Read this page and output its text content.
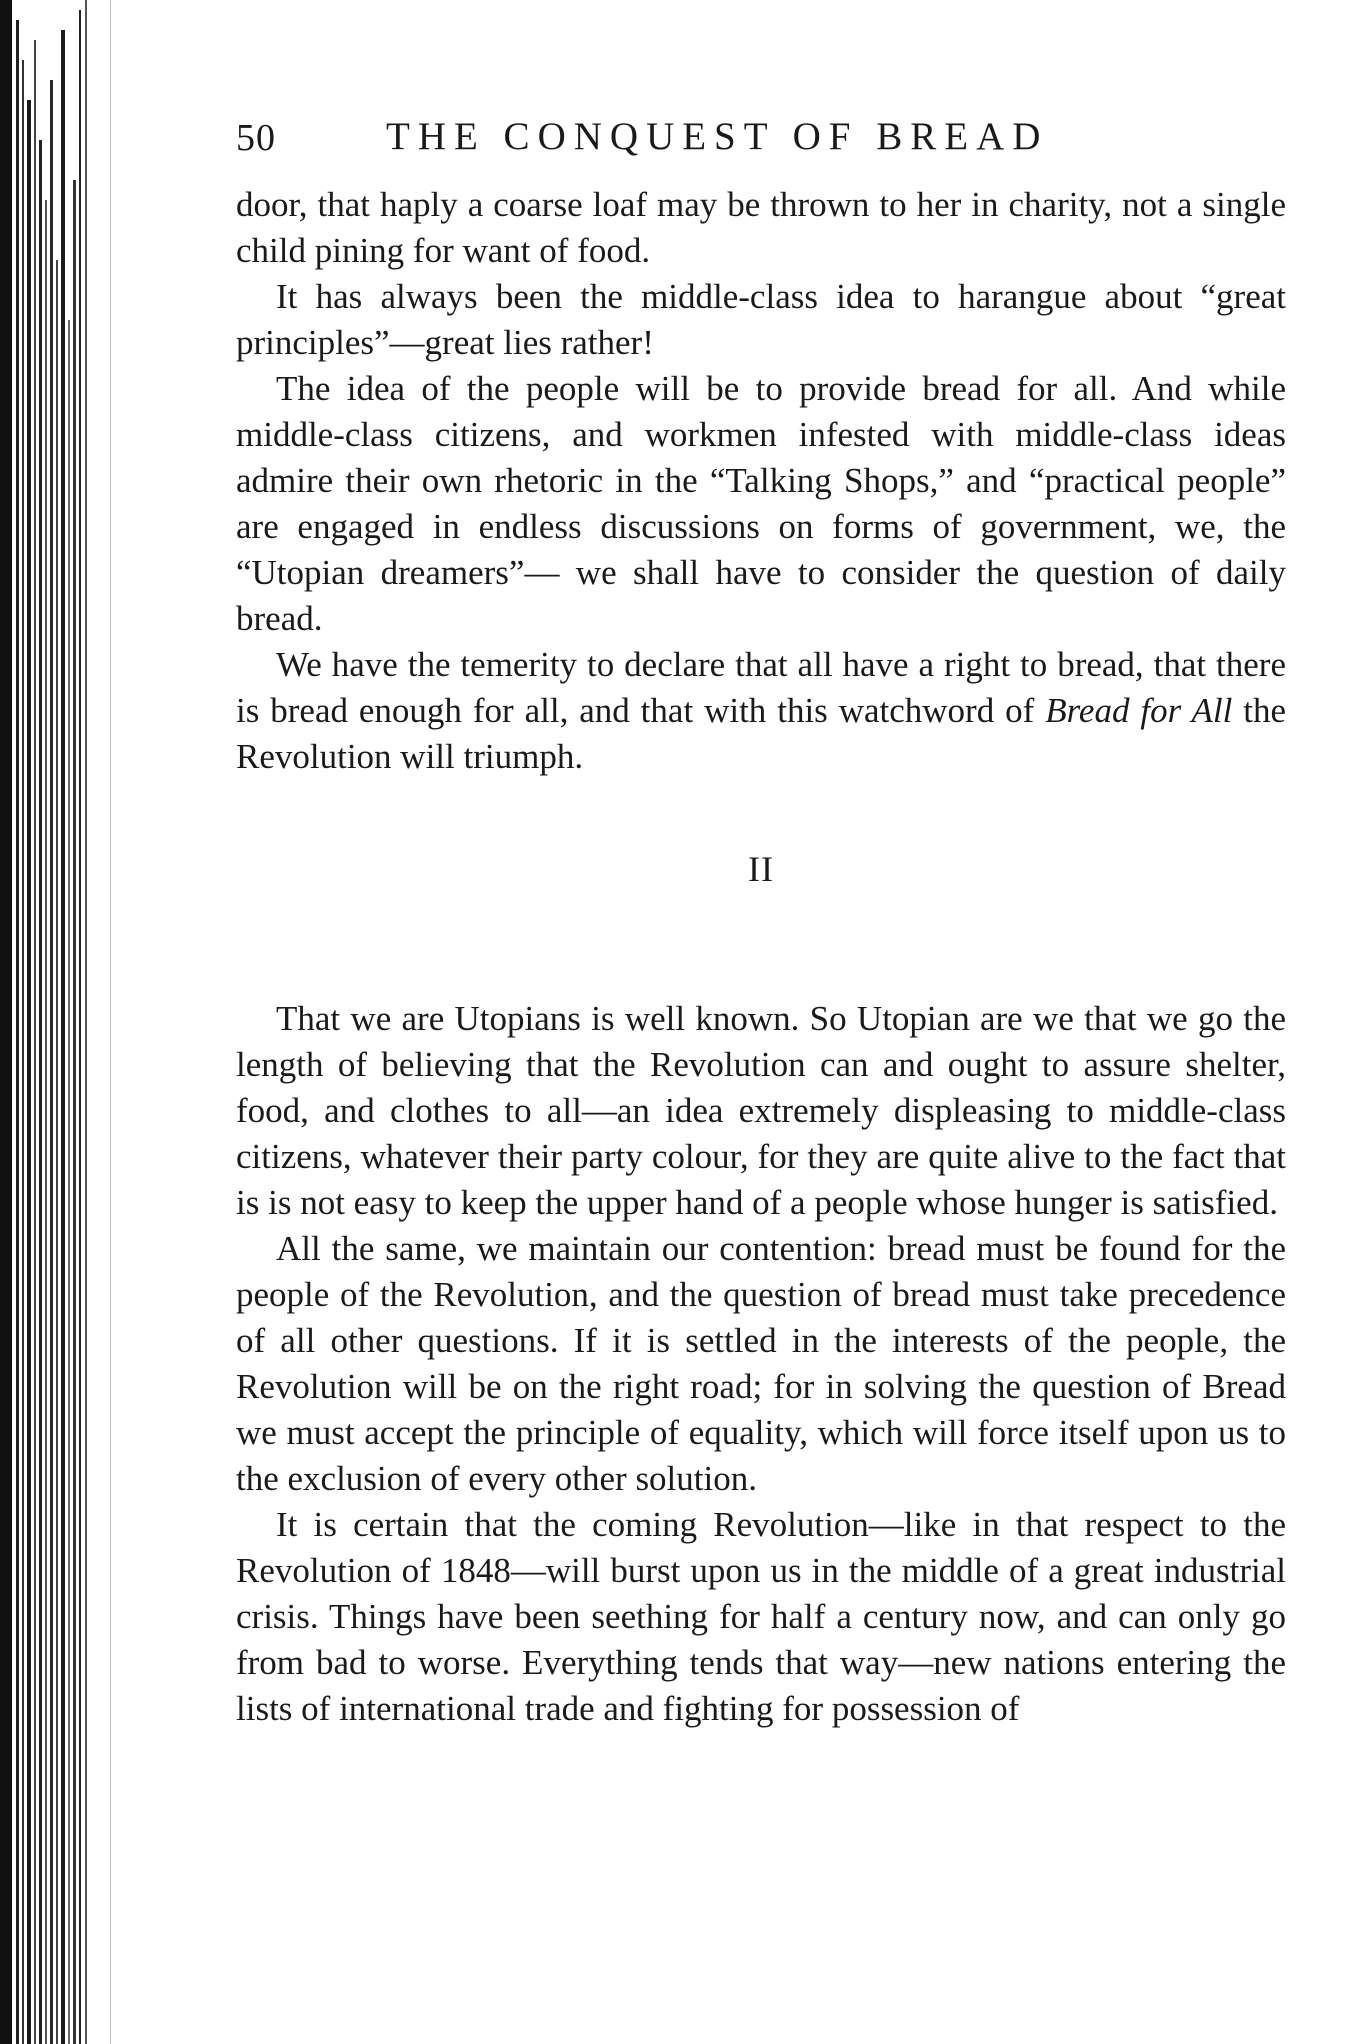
50	THE CONQUEST OF BREAD

door, that haply a coarse loaf may be thrown to her in charity, not a single child pining for want of food.

It has always been the middle-class idea to harangue about “great principles”—great lies rather!

The idea of the people will be to provide bread for all. And while middle-class citizens, and workmen infested with middle-class ideas admire their own rhetoric in the “Talking Shops,” and “practical people” are engaged in endless discussions on forms of government, we, the “Utopian dreamers”— we shall have to consider the question of daily bread.

We have the temerity to declare that all have a right to bread, that there is bread enough for all, and that with this watchword of Bread for All the Revolution will triumph.

II

That we are Utopians is well known. So Utopian are we that we go the length of believing that the Revolution can and ought to assure shelter, food, and clothes to all—an idea extremely displeasing to middle-class citizens, whatever their party colour, for they are quite alive to the fact that is is not easy to keep the upper hand of a people whose hunger is satisfied.

All the same, we maintain our contention: bread must be found for the people of the Revolution, and the question of bread must take precedence of all other questions. If it is settled in the interests of the people, the Revolution will be on the right road; for in solving the question of Bread we must accept the principle of equality, which will force itself upon us to the exclusion of every other solution.

It is certain that the coming Revolution—like in that respect to the Revolution of 1848—will burst upon us in the middle of a great industrial crisis. Things have been seething for half a century now, and can only go from bad to worse. Everything tends that way—new nations entering the lists of international trade and fighting for possession of
